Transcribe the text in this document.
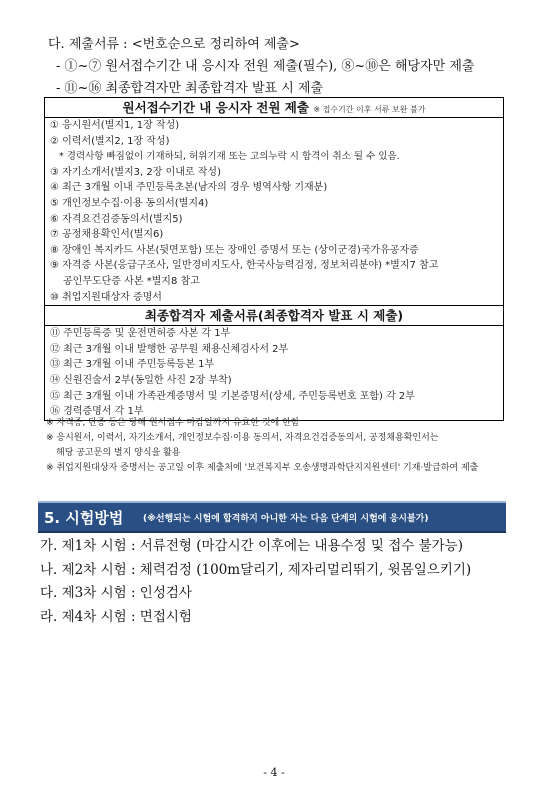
다. 제출서류 : <번호순으로 정리하여 제출>
- ①~⑦ 원서접수기간 내 응시자 전원 제출(필수), ⑧~⑩은 해당자만 제출
- ⑪~⑯ 최종합격자만 최종합격자 발표 시 제출
원서접수기간 내 응시자 전원 제출 ※ 접수기간 이후 서류 보완 불가
① 응시원서(별지1, 1장 작성)
② 이력서(별지2, 1장 작성)
* 경력사항 빠짐없이 기재하되, 허위기재 또는 고의누락 시 합격이 취소 될 수 있음.
③ 자기소개서(별지3, 2장 이내로 작성)
④ 최근 3개월 이내 주민등록초본(남자의 경우 병역사항 기재분)
⑤ 개인정보수집·이용 동의서(별지4)
⑥ 자격요건검증동의서(별지5)
⑦ 공정채용확인서(별지6)
⑧ 장애인 복지카드 사본(뒷면포함) 또는 장애인 증명서 또는 (상이군경)국가유공자증
⑨ 자격증 사본(응급구조사, 일반경비지도사, 한국사능력검정, 정보처리분야) *별지7 참고
공인무도단증 사본 *별지8 참고
⑩ 취업지원대상자 증명서
최종합격자 제출서류(최종합격자 발표 시 제출)
⑪ 주민등록증 및 운전면허증 사본 각 1부
⑫ 최근 3개월 이내 발행한 공무원 채용신체검사서 2부
⑬ 최근 3개월 이내 주민등록등본 1부
⑭ 신원진술서 2부(동일한 사진 2장 부착)
⑮ 최근 3개월 이내 가족관계증명서 및 기본증명서(상세, 주민등록번호 포함) 각 2부
⑯ 경력증명서 각 1부
※ 자격증, 단증 등은 당해 원서접수 마감일까지 유효한 것에 한함
※ 응시원서, 이력서, 자기소개서, 개인정보수집·이용 동의서, 자격요건검증동의서, 공정채용확인서는
해당 공고문의 별지 양식을 활용
※ 취업지원대상자 증명서는 공고일 이후 제출처에 '보건복지부 오송생명과학단지지원센터' 기재·발급하여 제출
5. 시험방법 (※선행되는 시험에 합격하지 아니한 자는 다음 단계의 시험에 응시불가)
가. 제1차 시험 : 서류전형 (마감시간 이후에는 내용수정 및 접수 불가능)
나. 제2차 시험 : 체력검정 (100m달리기, 제자리멀리뛰기, 윗몸일으키기)
다. 제3차 시험 : 인성검사
라. 제4차 시험 : 면접시험
- 4 -
